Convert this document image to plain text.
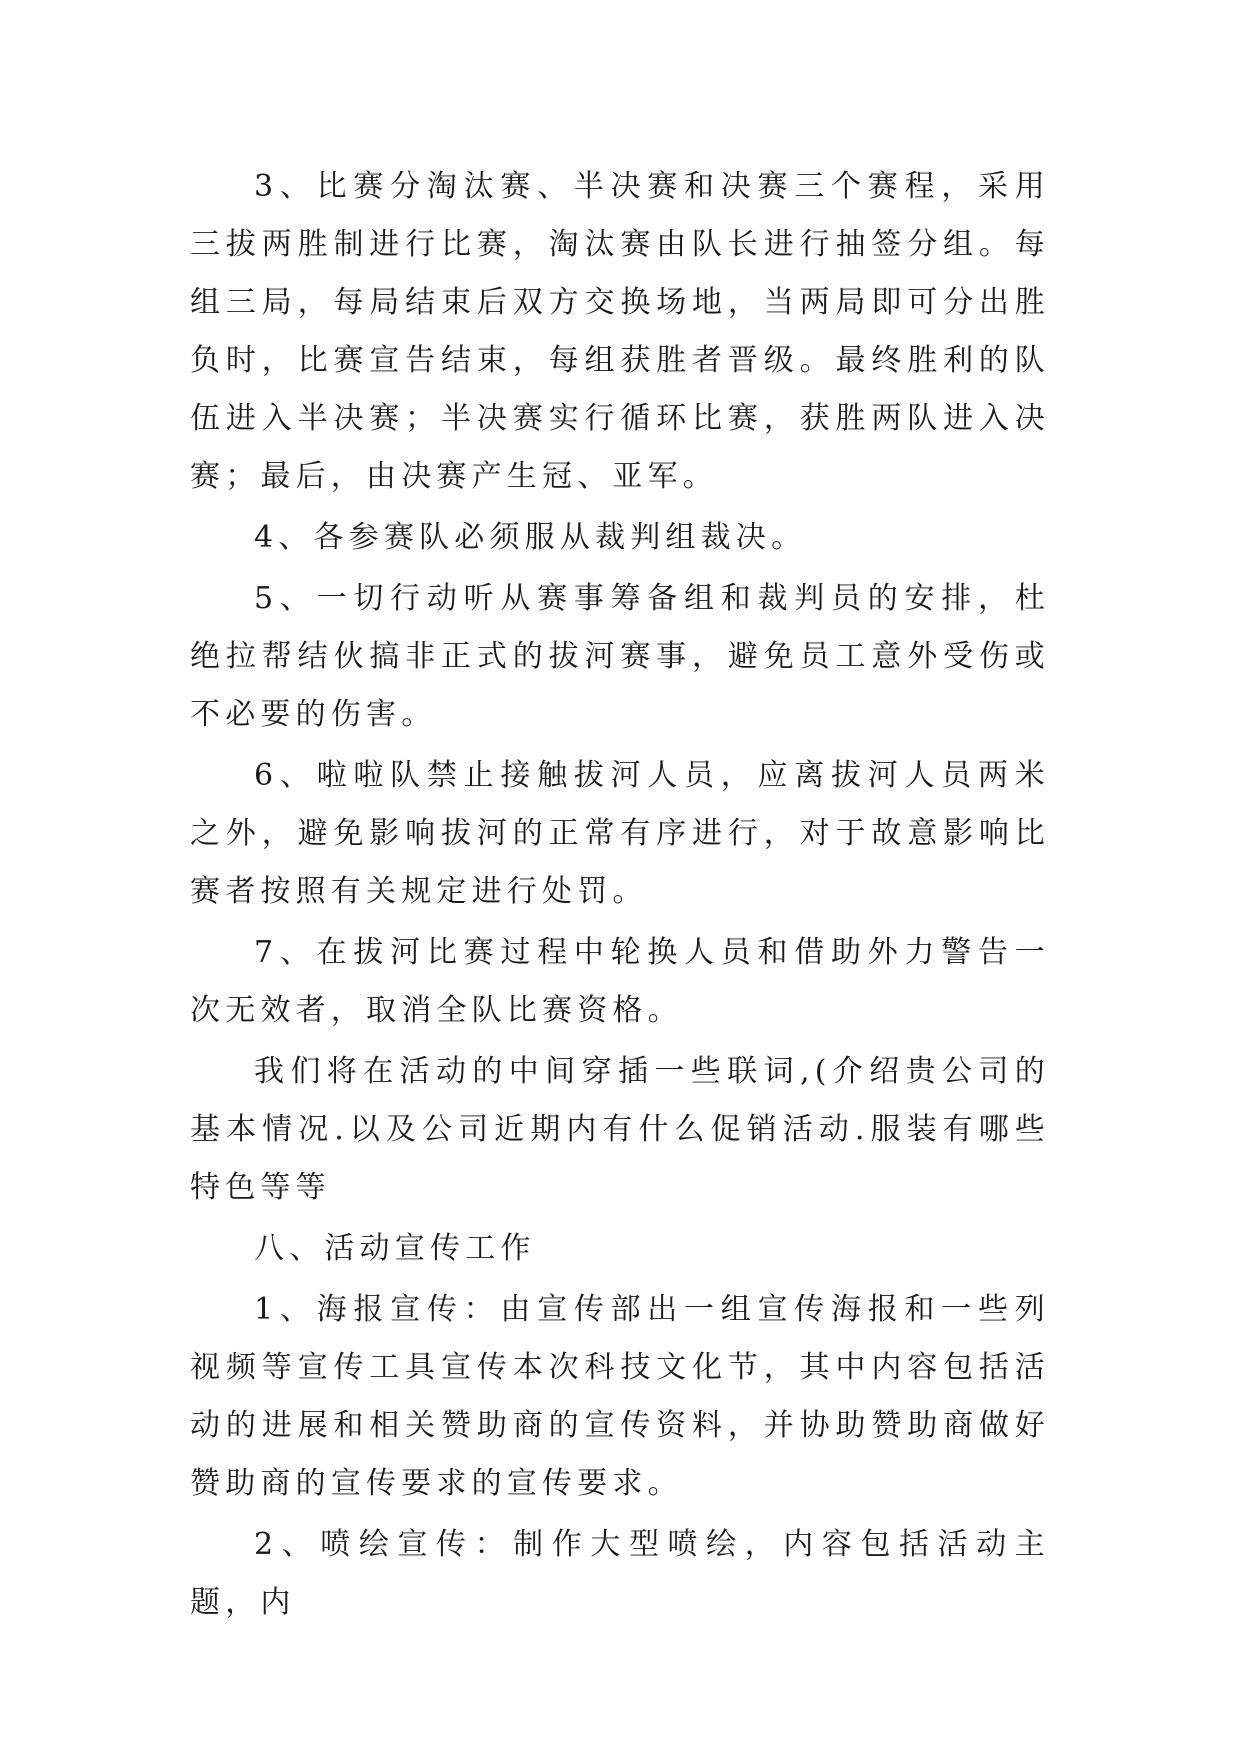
3、比赛分淘汰赛、半决赛和决赛三个赛程，采用三拔两胜制进行比赛，淘汰赛由队长进行抽签分组。每组三局，每局结束后双方交换场地，当两局即可分出胜负时，比赛宣告结束，每组获胜者晋级。最终胜利的队伍进入半决赛；半决赛实行循环比赛，获胜两队进入决赛；最后，由决赛产生冠、亚军。

4、各参赛队必须服从裁判组裁决。

5、一切行动听从赛事筹备组和裁判员的安排，杜绝拉帮结伙搞非正式的拔河赛事，避免员工意外受伤或不必要的伤害。

6、啦啦队禁止接触拔河人员，应离拔河人员两米之外，避免影响拔河的正常有序进行，对于故意影响比赛者按照有关规定进行处罚。

7、在拔河比赛过程中轮换人员和借助外力警告一次无效者，取消全队比赛资格。

我们将在活动的中间穿插一些联词,(介绍贵公司的基本情况.以及公司近期内有什么促销活动.服装有哪些特色等等

八、活动宣传工作

1、海报宣传：由宣传部出一组宣传海报和一些列视频等宣传工具宣传本次科技文化节，其中内容包括活动的进展和相关赞助商的宣传资料，并协助赞助商做好赞助商的宣传要求的宣传要求。

2、喷绘宣传：制作大型喷绘，内容包括活动主题，内
